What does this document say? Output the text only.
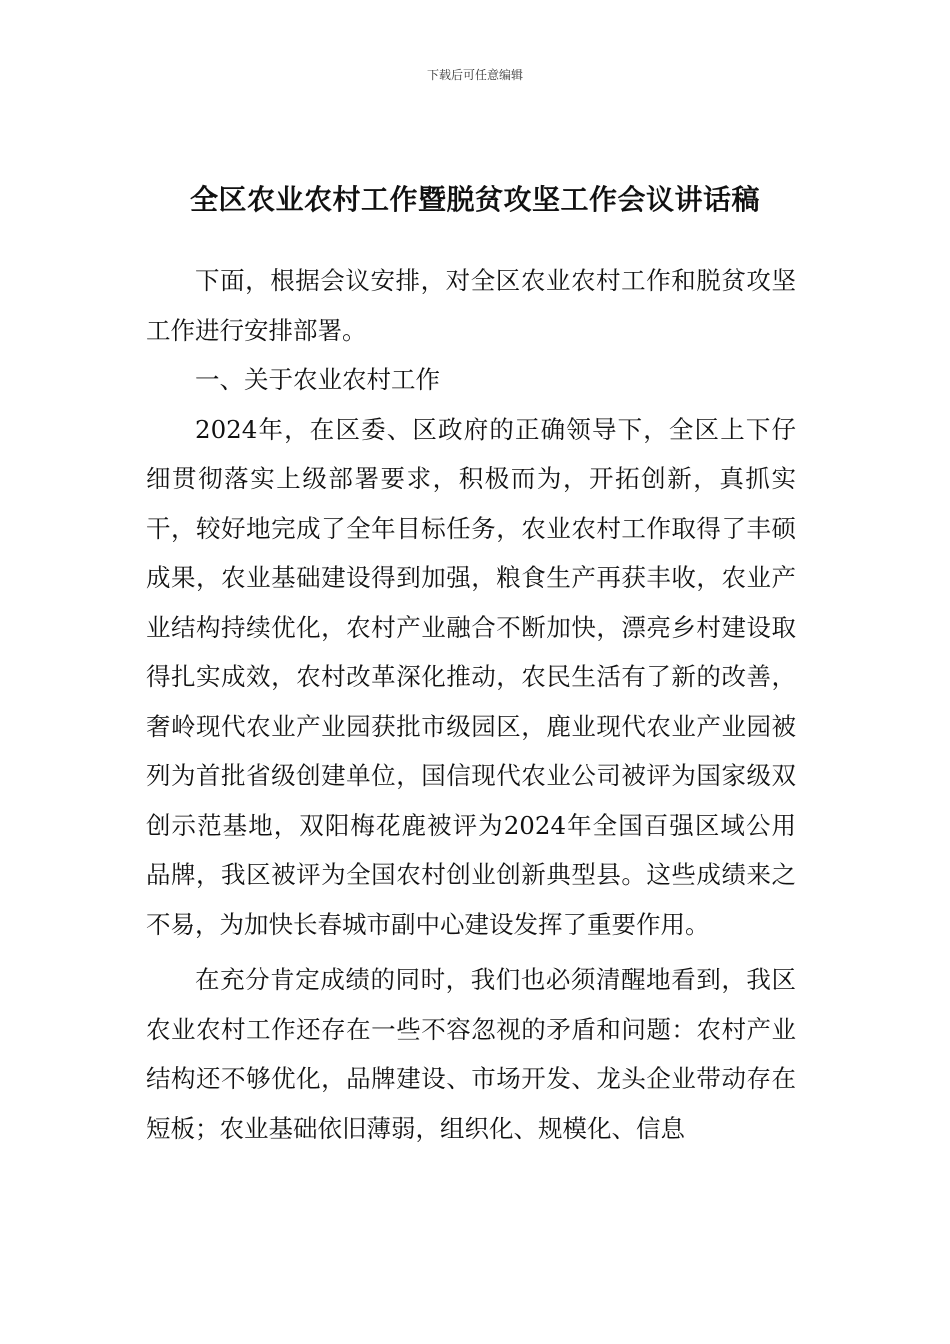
下载后可任意编辑
全区农业农村工作暨脱贫攻坚工作会议讲话稿

下面，根据会议安排，对全区农业农村工作和脱贫攻坚工作进行安排部署。

一、关于农业农村工作

2024年，在区委、区政府的正确领导下，全区上下仔细贯彻落实上级部署要求，积极而为，开拓创新，真抓实干，较好地完成了全年目标任务，农业农村工作取得了丰硕成果，农业基础建设得到加强，粮食生产再获丰收，农业产业结构持续优化，农村产业融合不断加快，漂亮乡村建设取得扎实成效，农村改革深化推动，农民生活有了新的改善，奢岭现代农业产业园获批市级园区，鹿业现代农业产业园被列为首批省级创建单位，国信现代农业公司被评为国家级双创示范基地，双阳梅花鹿被评为2024年全国百强区域公用品牌，我区被评为全国农村创业创新典型县。这些成绩来之不易，为加快长春城市副中心建设发挥了重要作用。

在充分肯定成绩的同时，我们也必须清醒地看到，我区农业农村工作还存在一些不容忽视的矛盾和问题：农村产业结构还不够优化，品牌建设、市场开发、龙头企业带动存在短板；农业基础依旧薄弱，组织化、规模化、信息
